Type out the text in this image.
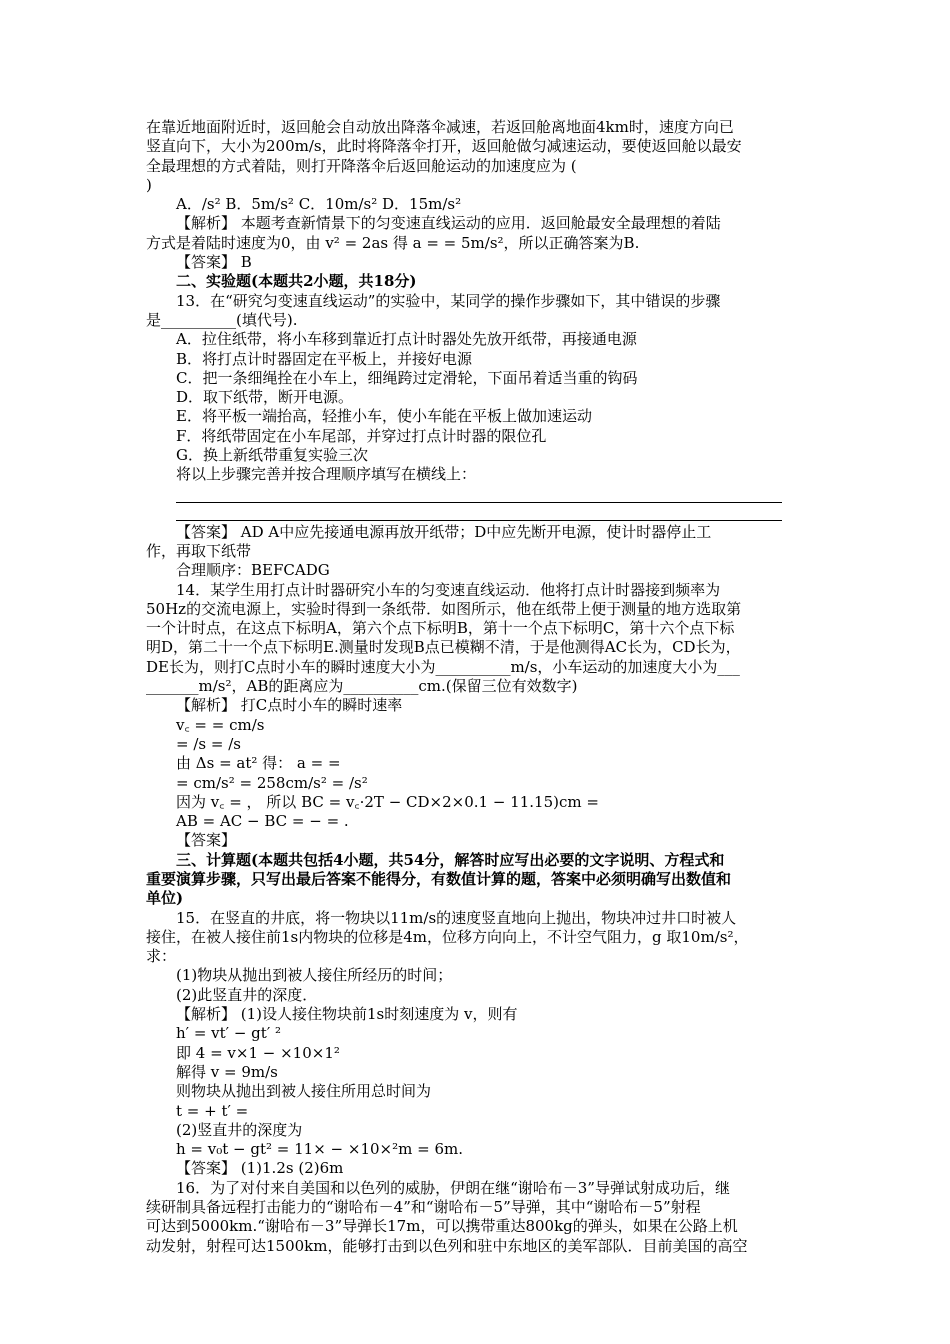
在靠近地面附近时，返回舱会自动放出降落伞减速，若返回舱离地面4km时，速度方向已
竖直向下，大小为200m/s，此时将降落伞打开，返回舱做匀减速运动，要使返回舱以最安
全最理想的方式着陆，则打开降落伞后返回舱运动的加速度应为 (
)
A．/s² B．5m/s² C．10m/s² D．15m/s²
【解析】 本题考查新情景下的匀变速直线运动的应用．返回舱最安全最理想的着陆
方式是着陆时速度为0，由 v² = 2as 得 a = = 5m/s²，所以正确答案为B.
【答案】 B
二、实验题(本题共2小题，共18分)
13．在“研究匀变速直线运动”的实验中，某同学的操作步骤如下，其中错误的步骤
是__________(填代号).
A．拉住纸带，将小车移到靠近打点计时器处先放开纸带，再接通电源
B．将打点计时器固定在平板上，并接好电源
C．把一条细绳拴在小车上，细绳跨过定滑轮，下面吊着适当重的钩码
D．取下纸带，断开电源。
E．将平板一端抬高，轻推小车，使小车能在平板上做加速运动
F．将纸带固定在小车尾部，并穿过打点计时器的限位孔
G．换上新纸带重复实验三次
将以上步骤完善并按合理顺序填写在横线上：
【答案】 AD A中应先接通电源再放开纸带；D中应先断开电源，使计时器停止工
作，再取下纸带
合理顺序：BEFCADG
14．某学生用打点计时器研究小车的匀变速直线运动．他将打点计时器接到频率为
50Hz的交流电源上，实验时得到一条纸带．如图所示，他在纸带上便于测量的地方选取第
一个计时点，在这点下标明A，第六个点下标明B，第十一个点下标明C，第十六个点下标
明D，第二十一个点下标明E.测量时发现B点已模糊不清，于是他测得AC长为，CD长为，
DE长为，则打C点时小车的瞬时速度大小为__________m/s，小车运动的加速度大小为___
_______m/s²，AB的距离应为__________cm.(保留三位有效数字)
【解析】 打C点时小车的瞬时速率
v꜀ = = cm/s
= /s = /s
由 Δs = at² 得： a = =
= cm/s² = 258cm/s² = /s²
因为 v꜀ = ， 所以 BC = v꜀·2T − CD×2×0.1 − 11.15)cm =
AB = AC − BC = − = .
【答案】
三、计算题(本题共包括4小题，共54分，解答时应写出必要的文字说明、方程式和
重要演算步骤，只写出最后答案不能得分，有数值计算的题，答案中必须明确写出数值和
单位)
15．在竖直的井底，将一物块以11m/s的速度竖直地向上抛出，物块冲过井口时被人
接住，在被人接住前1s内物块的位移是4m，位移方向向上，不计空气阻力，g 取10m/s²，
求：
(1)物块从抛出到被人接住所经历的时间；
(2)此竖直井的深度．
【解析】 (1)设人接住物块前1s时刻速度为 v，则有
h′ = vt′ − gt′ ²
即 4 = v×1 − ×10×1²
解得 v = 9m/s
则物块从抛出到被人接住所用总时间为
t = + t′ =
(2)竖直井的深度为
h = v₀t − gt² = 11× − ×10×²m = 6m.
【答案】 (1)1.2s (2)6m
16．为了对付来自美国和以色列的威胁，伊朗在继“谢哈布－3”导弹试射成功后，继
续研制具备远程打击能力的“谢哈布－4”和“谢哈布－5”导弹，其中“谢哈布－5”射程
可达到5000km.“谢哈布－3”导弹长17m，可以携带重达800kg的弹头，如果在公路上机
动发射，射程可达1500km，能够打击到以色列和驻中东地区的美军部队．目前美国的高空
